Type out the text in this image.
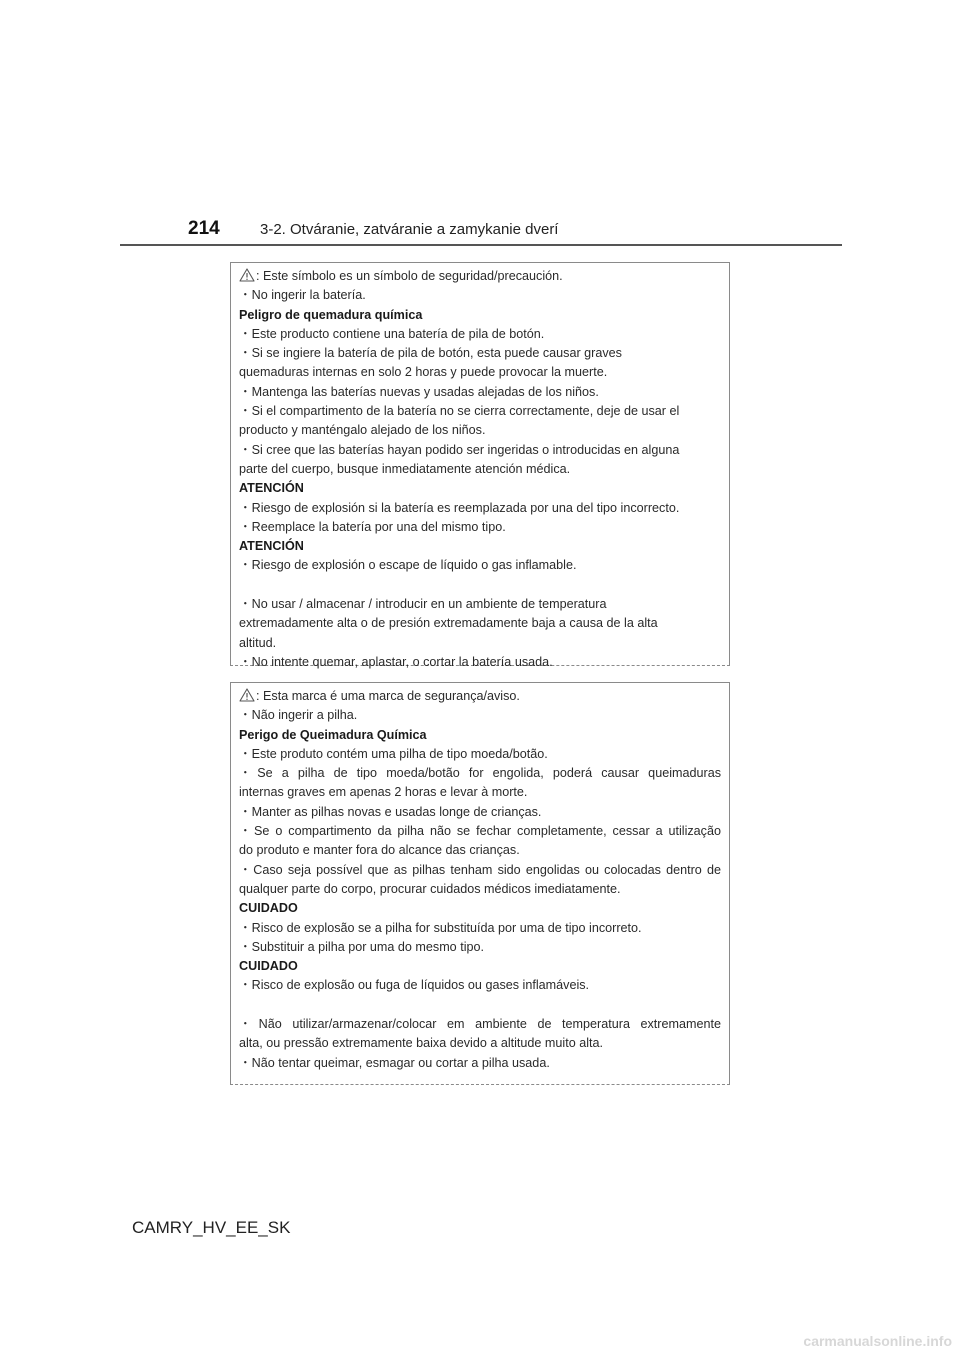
214	3-2. Otváranie, zatváranie a zamykanie dverí
: Este símbolo es un símbolo de seguridad/precaución.
・No ingerir la batería.
Peligro de quemadura química
・Este producto contiene una batería de pila de botón.
・Si se ingiere la batería de pila de botón, esta puede causar graves
quemaduras internas en solo 2 horas y puede provocar la muerte.
・Mantenga las baterías nuevas y usadas alejadas de los niños.
・Si el compartimento de la batería no se cierra correctamente, deje de usar el
producto y manténgalo alejado de los niños.
・Si cree que las baterías hayan podido ser ingeridas o introducidas en alguna
parte del cuerpo, busque inmediatamente atención médica.
ATENCIÓN
・Riesgo de explosión si la batería es reemplazada por una del tipo incorrecto.
・Reemplace la batería por una del mismo tipo.
ATENCIÓN
・Riesgo de explosión o escape de líquido o gas inflamable.
・No usar / almacenar / introducir en un ambiente de temperatura
extremadamente alta o de presión extremadamente baja a causa de la alta
altitud.
・No intente quemar, aplastar, o cortar la batería usada.
: Esta marca é uma marca de segurança/aviso.
・Não ingerir a pilha.
Perigo de Queimadura Química
・Este produto contém uma pilha de tipo moeda/botão.
・Se a pilha de tipo moeda/botão for engolida, poderá causar queimaduras
internas graves em apenas 2 horas e levar à morte.
・Manter as pilhas novas e usadas longe de crianças.
・Se o compartimento da pilha não se fechar completamente, cessar a utilização
do produto e manter fora do alcance das crianças.
・Caso seja possível que as pilhas tenham sido engolidas ou colocadas dentro de
qualquer parte do corpo, procurar cuidados médicos imediatamente.
CUIDADO
・Risco de explosão se a pilha for substituída por uma de tipo incorreto.
・Substituir a pilha por uma do mesmo tipo.
CUIDADO
・Risco de explosão ou fuga de líquidos ou gases inflamáveis.
・Não utilizar/armazenar/colocar em ambiente de temperatura extremamente
alta, ou pressão extremamente baixa devido a altitude muito alta.
・Não tentar queimar, esmagar ou cortar a pilha usada.
CAMRY_HV_EE_SK
carmanualsonline.info
